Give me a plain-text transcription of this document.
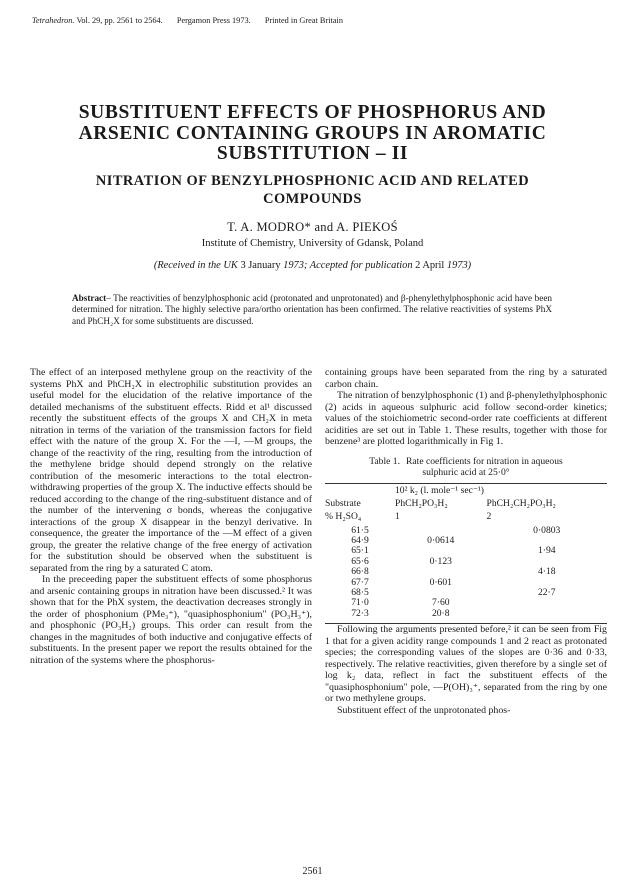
Tetrahedron. Vol. 29, pp. 2561 to 2564. Pergamon Press 1973. Printed in Great Britain
SUBSTITUENT EFFECTS OF PHOSPHORUS AND
ARSENIC CONTAINING GROUPS IN AROMATIC
SUBSTITUTION – II
NITRATION OF BENZYLPHOSPHONIC ACID AND RELATED
COMPOUNDS
T. A. MODRO* and A. PIEKOŚ
Institute of Chemistry, University of Gdansk, Poland
(Received in the UK 3 January 1973; Accepted for publication 2 April 1973)
Abstract– The reactivities of benzylphosphonic acid (protonated and unprotonated) and β-phenylethylphosphonic acid have been determined for nitration. The highly selective para/ortho orientation has been confirmed. The relative reactivities of systems PhX and PhCH₂X for some substituents are discussed.

The effect of an interposed methylene group on the reactivity of the systems PhX and PhCH₂X in electrophilic substitution provides an useful model for the elucidation of the relative importance of the detailed mechanisms of the substituent effects. Ridd et al¹ discussed recently the substituent effects of the groups X and CH₂X in meta nitration in terms of the variation of the transmission factors for field effect with the nature of the group X. For the —I, —M groups, the change of the reactivity of the ring, resulting from the introduction of the methylene bridge should depend strongly on the relative contribution of the mesomeric interactions to the total electron-withdrawing properties of the group X. The inductive effects should be reduced according to the change of the ring-substituent distance and of the number of the intervening σ bonds, whereas the conjugative interactions of the group X disappear in the benzyl derivative. In consequence, the greater the importance of the —M effect of a given group, the greater the relative change of the free energy of activation for the substitution should be observed when the substituent is separated from the ring by a saturated C atom.

In the preceeding paper the substituent effects of some phosphorus and arsenic containing groups in nitration have been discussed.² It was shown that for the PhX system, the deactivation decreases strongly in the order of phosphonium (PMe₃⁺), "quasiphosphonium" (PO₃H₃⁺), and phosphonic (PO₃H₂) groups. This order can result from the changes in the magnitudes of both inductive and conjugative effects of substituents. In the present paper we report the results obtained for the nitration of the systems where the phosphorus-

containing groups have been separated from the ring by a saturated carbon chain.

The nitration of benzylphosphonic (1) and β-phenylethylphosphonic (2) acids in aqueous sulphuric acid follow second-order kinetics; values of the stoichiometric second-order rate coefficients at different acidities are set out in Table 1. These results, together with those for benzene³ are plotted logarithmically in Fig 1.

Table 1. Rate coefficients for nitration in aqueous
sulphuric acid at 25·0°
	10² k₂ (l. mole⁻¹ sec⁻¹)	
Substrate	PhCH₂PO₃H₂	PhCH₂CH₂PO₃H₂
% H₂SO₄	1	2

61·5		0·0803
64·9	0·0614	
65·1		1·94
65·6	0·123	
66·8		4·18
67·7	0·601	
68·5		22·7
71·0	7·60	
72·3	20·8	

Following the arguments presented before,² it can be seen from Fig 1 that for a given acidity range compounds 1 and 2 react as protonated species; the corresponding values of the slopes are 0·36 and 0·33, respectively. The relative reactivities, given therefore by a single set of log k₂ data, reflect in fact the substituent effects of the "quasiphosphonium" pole, —P(OH)₃⁺, separated from the ring by one or two methylene groups.

Substituent effect of the unprotonated phos-

2561
